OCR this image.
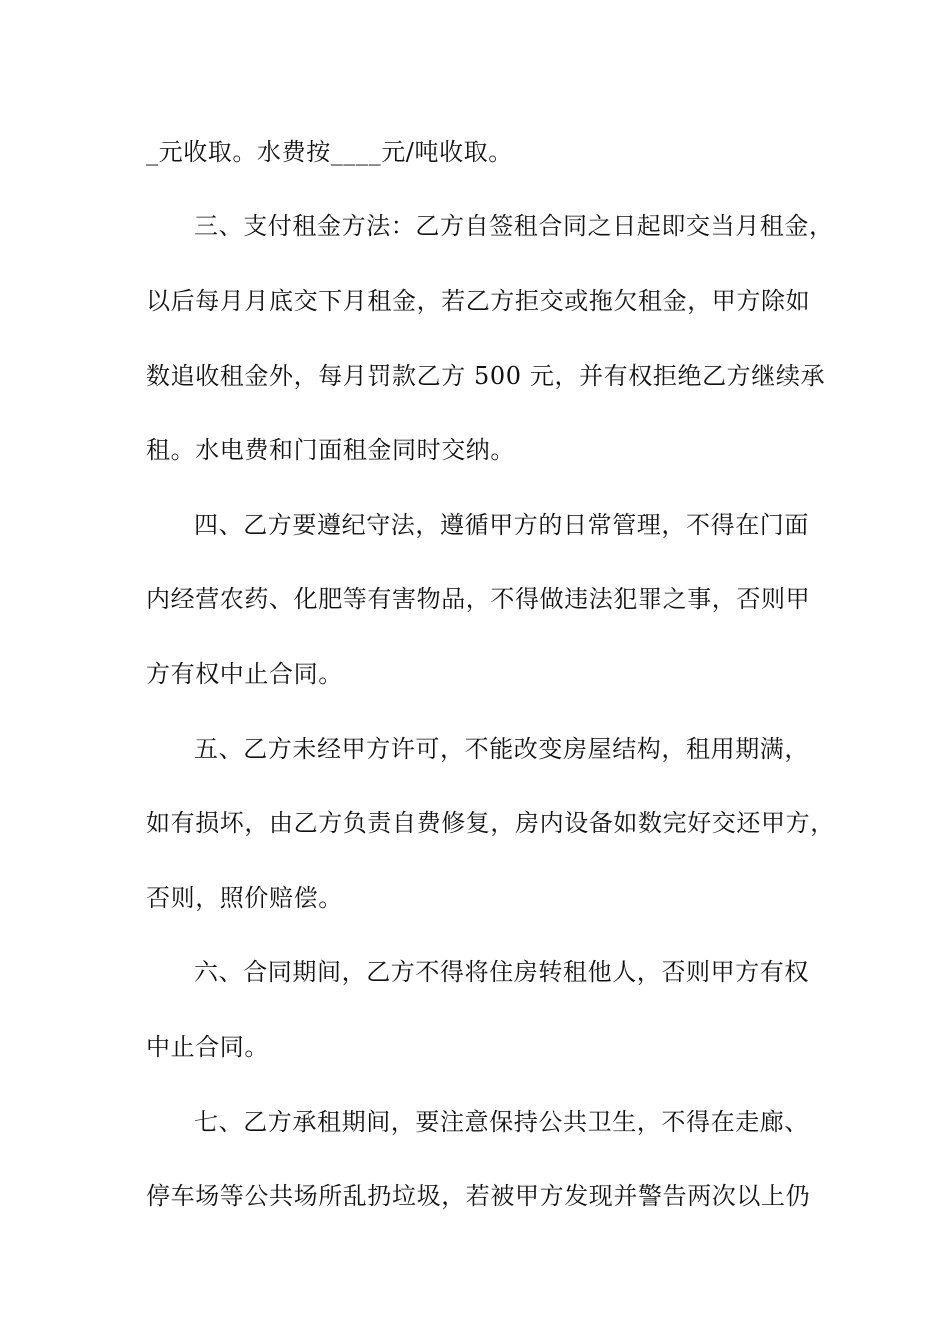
_元收取。水费按____元/吨收取。
三、支付租金方法：乙方自签租合同之日起即交当月租金，
以后每月月底交下月租金，若乙方拒交或拖欠租金，甲方除如
数追收租金外，每月罚款乙方 500 元，并有权拒绝乙方继续承
租。水电费和门面租金同时交纳。
四、乙方要遵纪守法，遵循甲方的日常管理，不得在门面
内经营农药、化肥等有害物品，不得做违法犯罪之事，否则甲
方有权中止合同。
五、乙方未经甲方许可，不能改变房屋结构，租用期满，
如有损坏，由乙方负责自费修复，房内设备如数完好交还甲方，
否则，照价赔偿。
六、合同期间，乙方不得将住房转租他人，否则甲方有权
中止合同。
七、乙方承租期间，要注意保持公共卫生，不得在走廊、
停车场等公共场所乱扔垃圾，若被甲方发现并警告两次以上仍
